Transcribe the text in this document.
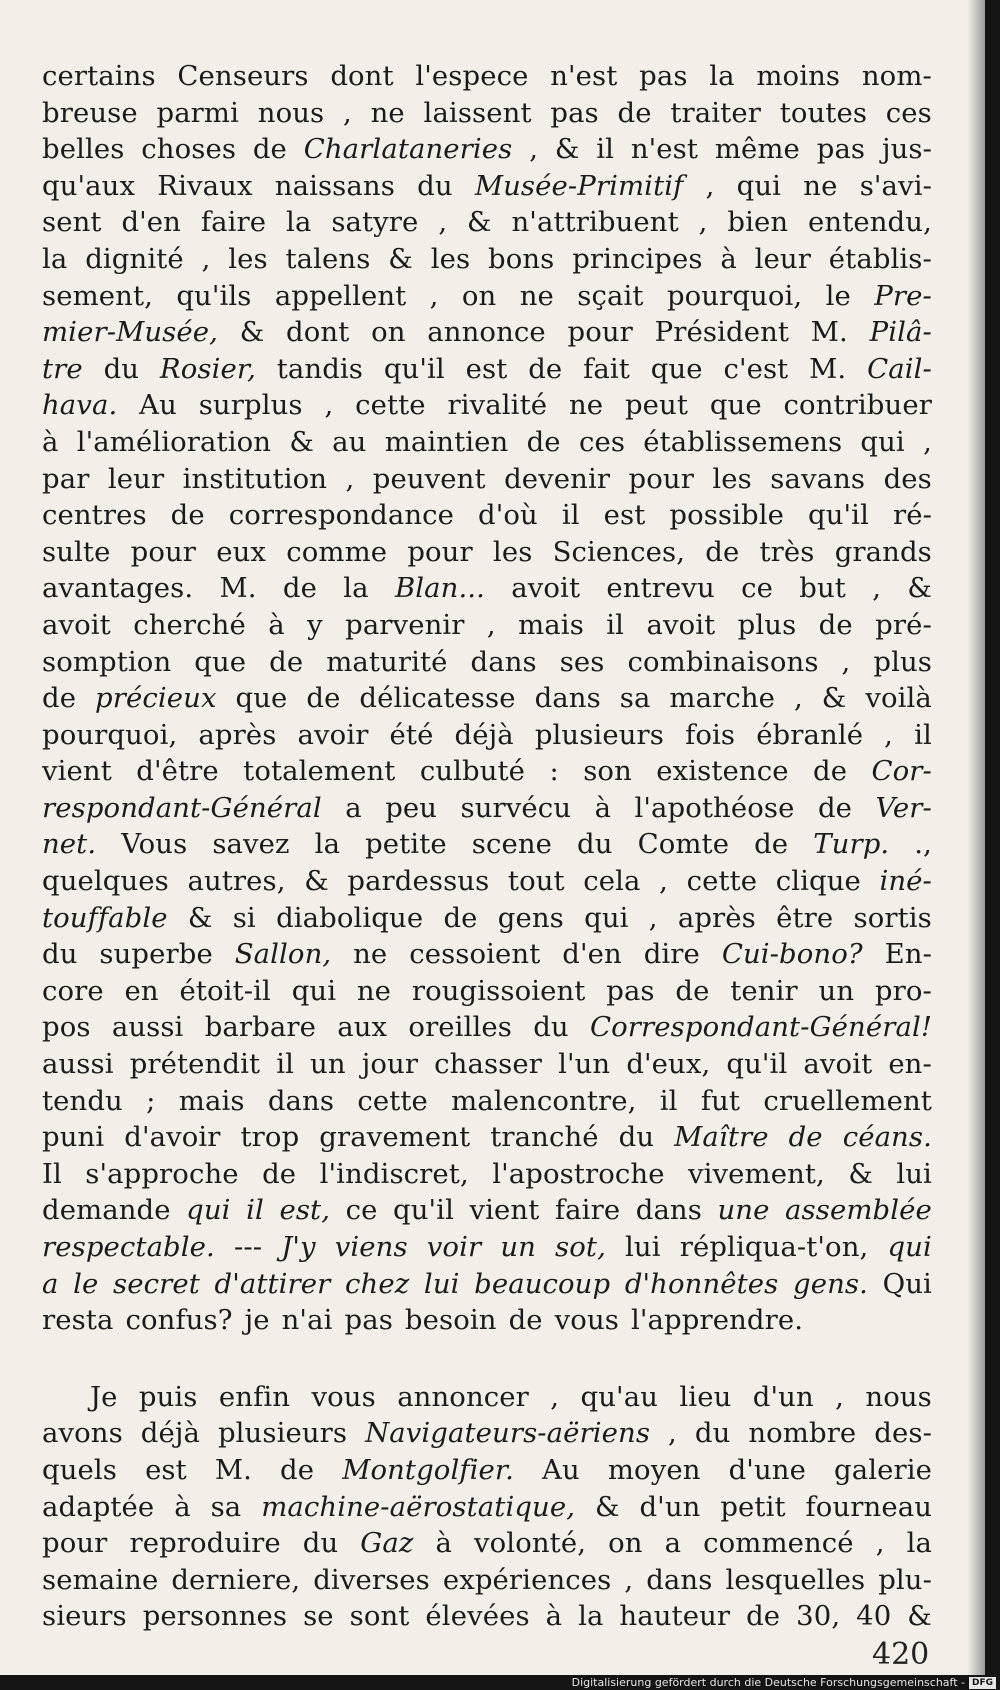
certains Censeurs dont l'espece n'est pas la moins nom-
breuse parmi nous , ne laissent pas de traiter toutes ces
belles choses de Charlataneries , & il n'est même pas jus-
qu'aux Rivaux naissans du Musée-Primitif , qui ne s'avi-
sent d'en faire la satyre , & n'attribuent , bien entendu,
la dignité , les talens & les bons principes à leur établis-
sement, qu'ils appellent , on ne sçait pourquoi, le Pre-
mier-Musée, & dont on annonce pour Président M. Pilâ-
tre du Rosier, tandis qu'il est de fait que c'est M. Cail-
hava. Au surplus , cette rivalité ne peut que contribuer
à l'amélioration & au maintien de ces établissemens qui ,
par leur institution , peuvent devenir pour les savans des
centres de correspondance d'où il est possible qu'il ré-
sulte pour eux comme pour les Sciences, de très grands
avantages. M. de la Blan... avoit entrevu ce but , &
avoit cherché à y parvenir , mais il avoit plus de pré-
somption que de maturité dans ses combinaisons , plus
de précieux que de délicatesse dans sa marche , & voilà
pourquoi, après avoir été déjà plusieurs fois ébranlé , il
vient d'être totalement culbuté : son existence de Cor-
respondant-Général a peu survécu à l'apothéose de Ver-
net. Vous savez la petite scene du Comte de Turp. .,
quelques autres, & pardessus tout cela , cette clique iné-
touffable & si diabolique de gens qui , après être sortis
du superbe Sallon, ne cessoient d'en dire Cui-bono? En-
core en étoit-il qui ne rougissoient pas de tenir un pro-
pos aussi barbare aux oreilles du Correspondant-Général!
aussi prétendit il un jour chasser l'un d'eux, qu'il avoit en-
tendu ; mais dans cette malencontre, il fut cruellement
puni d'avoir trop gravement tranché du Maître de céans.
Il s'approche de l'indiscret, l'apostroche vivement, & lui
demande qui il est, ce qu'il vient faire dans une assemblée
respectable. --- J'y viens voir un sot, lui répliqua-t'on, qui
a le secret d'attirer chez lui beaucoup d'honnêtes gens. Qui
resta confus? je n'ai pas besoin de vous l'apprendre.
Je puis enfin vous annoncer , qu'au lieu d'un , nous
avons déjà plusieurs Navigateurs-aëriens , du nombre des-
quels est M. de Montgolfier. Au moyen d'une galerie
adaptée à sa machine-aërostatique, & d'un petit fourneau
pour reproduire du Gaz à volonté, on a commencé , la
semaine derniere, diverses expériences , dans lesquelles plu-
sieurs personnes se sont élevées à la hauteur de 30, 40 &
420
Digitalisierung gefördert durch die Deutsche Forschungsgemeinschaft - DFG
